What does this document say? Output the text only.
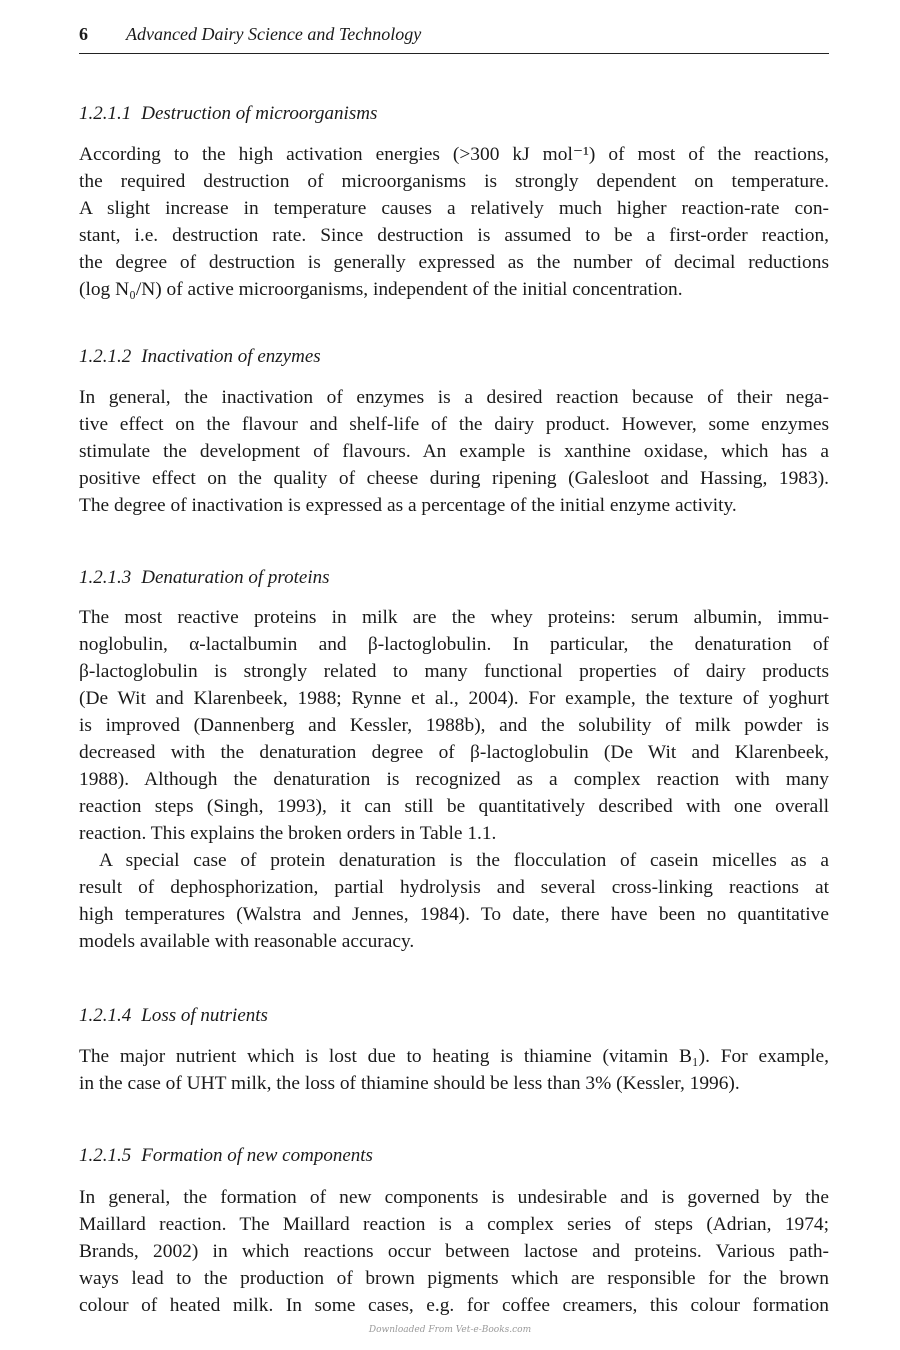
6 Advanced Dairy Science and Technology
1.2.1.1 Destruction of microorganisms
According to the high activation energies (>300 kJ mol⁻¹) of most of the reactions,
the required destruction of microorganisms is strongly dependent on temperature.
A slight increase in temperature causes a relatively much higher reaction-rate con-
stant, i.e. destruction rate. Since destruction is assumed to be a first-order reaction,
the degree of destruction is generally expressed as the number of decimal reductions
(log N₀/N) of active microorganisms, independent of the initial concentration.
1.2.1.2 Inactivation of enzymes
In general, the inactivation of enzymes is a desired reaction because of their nega-
tive effect on the flavour and shelf-life of the dairy product. However, some enzymes
stimulate the development of flavours. An example is xanthine oxidase, which has a
positive effect on the quality of cheese during ripening (Galesloot and Hassing, 1983).
The degree of inactivation is expressed as a percentage of the initial enzyme activity.
1.2.1.3 Denaturation of proteins
The most reactive proteins in milk are the whey proteins: serum albumin, immu-
noglobulin, α-lactalbumin and β-lactoglobulin. In particular, the denaturation of
β-lactoglobulin is strongly related to many functional properties of dairy products
(De Wit and Klarenbeek, 1988; Rynne et al., 2004). For example, the texture of yoghurt
is improved (Dannenberg and Kessler, 1988b), and the solubility of milk powder is
decreased with the denaturation degree of β-lactoglobulin (De Wit and Klarenbeek,
1988). Although the denaturation is recognized as a complex reaction with many
reaction steps (Singh, 1993), it can still be quantitatively described with one overall
reaction. This explains the broken orders in Table 1.1.
A special case of protein denaturation is the flocculation of casein micelles as a
result of dephosphorization, partial hydrolysis and several cross-linking reactions at
high temperatures (Walstra and Jennes, 1984). To date, there have been no quantitative
models available with reasonable accuracy.
1.2.1.4 Loss of nutrients
The major nutrient which is lost due to heating is thiamine (vitamin B₁). For example,
in the case of UHT milk, the loss of thiamine should be less than 3% (Kessler, 1996).
1.2.1.5 Formation of new components
In general, the formation of new components is undesirable and is governed by the
Maillard reaction. The Maillard reaction is a complex series of steps (Adrian, 1974;
Brands, 2002) in which reactions occur between lactose and proteins. Various path-
ways lead to the production of brown pigments which are responsible for the brown
colour of heated milk. In some cases, e.g. for coffee creamers, this colour formation
Downloaded From Vet-e-Books.com
